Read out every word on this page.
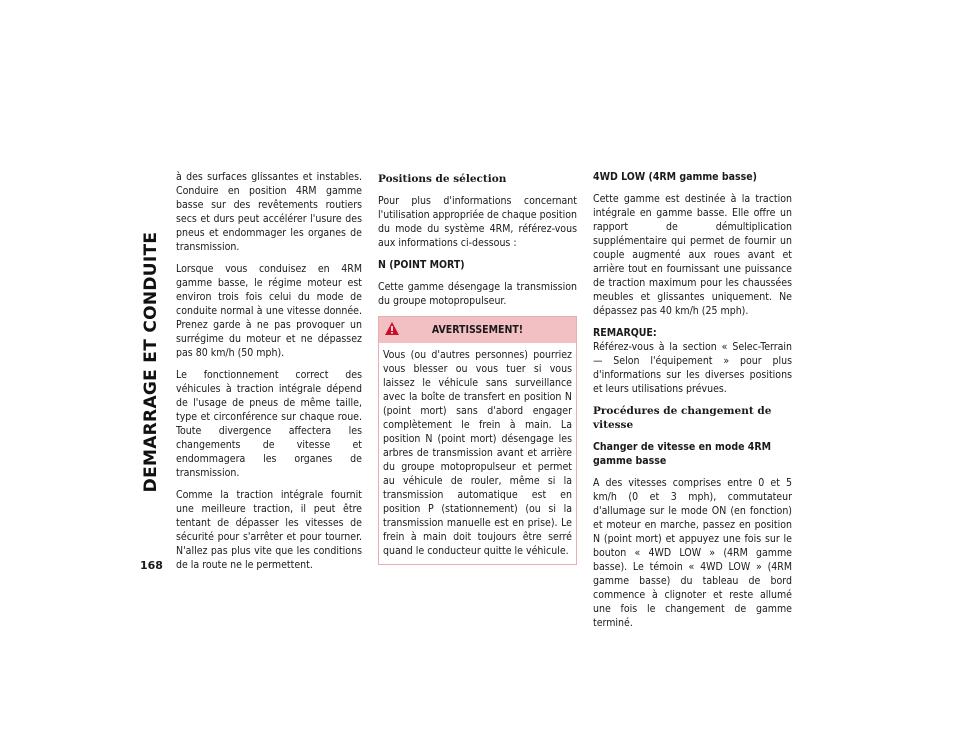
DEMARRAGE ET CONDUITE

à des surfaces glissantes et instables. Conduire en position 4RM gamme basse sur des revêtements routiers secs et durs peut accélérer l'usure des pneus et endommager les organes de transmission.

Lorsque vous conduisez en 4RM gamme basse, le régime moteur est environ trois fois celui du mode de conduite normal à une vitesse donnée. Prenez garde à ne pas provoquer un surrégime du moteur et ne dépassez pas 80 km/h (50 mph).

Le fonctionnement correct des véhicules à traction intégrale dépend de l'usage de pneus de même taille, type et circonférence sur chaque roue. Toute divergence affectera les changements de vitesse et endommagera les organes de transmission.

Comme la traction intégrale fournit une meilleure traction, il peut être tentant de dépasser les vitesses de sécurité pour s'arrêter et pour tourner. N'allez pas plus vite que les conditions de la route ne le permettent.

Positions de sélection

Pour plus d'informations concernant l'utilisation appropriée de chaque position du mode du système 4RM, référez-vous aux informations ci-dessous :

N (POINT MORT)

Cette gamme désengage la transmission du groupe motopropulseur.

AVERTISSEMENT!

Vous (ou d'autres personnes) pourriez vous blesser ou vous tuer si vous laissez le véhicule sans surveillance avec la boîte de transfert en position N (point mort) sans d'abord engager complètement le frein à main. La position N (point mort) désengage les arbres de transmission avant et arrière du groupe motopropulseur et permet au véhicule de rouler, même si la transmission automatique est en position P (stationnement) (ou si la transmission manuelle est en prise). Le frein à main doit toujours être serré quand le conducteur quitte le véhicule.

4WD LOW (4RM gamme basse)

Cette gamme est destinée à la traction intégrale en gamme basse. Elle offre un rapport de démultiplication supplémentaire qui permet de fournir un couple augmenté aux roues avant et arrière tout en fournissant une puissance de traction maximum pour les chaussées meubles et glissantes uniquement. Ne dépassez pas 40 km/h (25 mph).

REMARQUE:
Référez-vous à la section « Selec-Terrain — Selon l'équipement » pour plus d'informations sur les diverses positions et leurs utilisations prévues.

Procédures de changement de vitesse
Changer de vitesse en mode 4RM gamme basse

A des vitesses comprises entre 0 et 5 km/h (0 et 3 mph), commutateur d'allumage sur le mode ON (en fonction) et moteur en marche, passez en position N (point mort) et appuyez une fois sur le bouton « 4WD LOW » (4RM gamme basse). Le témoin « 4WD LOW » (4RM gamme basse) du tableau de bord commence à clignoter et reste allumé une fois le changement de gamme terminé.

168
